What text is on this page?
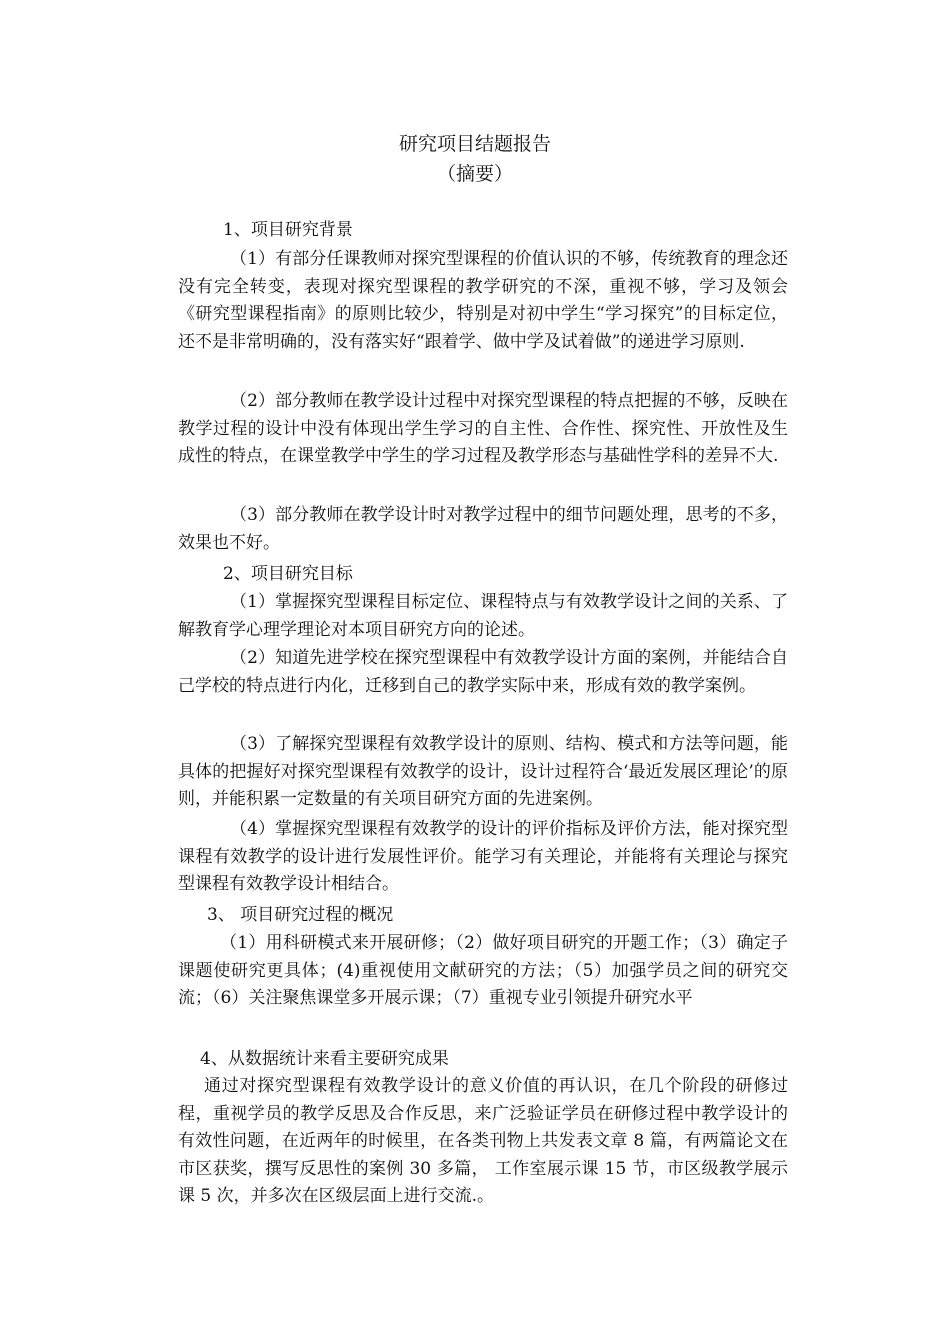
研究项目结题报告
（摘要）
1、项目研究背景

（1）有部分任课教师对探究型课程的价值认识的不够，传统教育的理念还没有完全转变，表现对探究型课程的教学研究的不深，重视不够，学习及领会《研究型课程指南》的原则比较少，特别是对初中学生“学习探究”的目标定位，还不是非常明确的，没有落实好“跟着学、做中学及试着做”的递进学习原则.

（2）部分教师在教学设计过程中对探究型课程的特点把握的不够，反映在教学过程的设计中没有体现出学生学习的自主性、合作性、探究性、开放性及生成性的特点，在课堂教学中学生的学习过程及教学形态与基础性学科的差异不大.

（3）部分教师在教学设计时对教学过程中的细节问题处理，思考的不多，效果也不好。

2、项目研究目标

（1）掌握探究型课程目标定位、课程特点与有效教学设计之间的关系、了解教育学心理学理论对本项目研究方向的论述。

（2）知道先进学校在探究型课程中有效教学设计方面的案例，并能结合自己学校的特点进行内化，迁移到自己的教学实际中来，形成有效的教学案例。

（3）了解探究型课程有效教学设计的原则、结构、模式和方法等问题，能具体的把握好对探究型课程有效教学的设计，设计过程符合‘最近发展区理论’的原则，并能积累一定数量的有关项目研究方面的先进案例。

（4）掌握探究型课程有效教学的设计的评价指标及评价方法，能对探究型课程有效教学的设计进行发展性评价。能学习有关理论，并能将有关理论与探究型课程有效教学设计相结合。

3、 项目研究过程的概况

（1）用科研模式来开展研修；（2）做好项目研究的开题工作；（3）确定子课题使研究更具体；(4)重视使用文献研究的方法；（5）加强学员之间的研究交流；（6）关注聚焦课堂多开展示课；（7）重视专业引领提升研究水平

4、从数据统计来看主要研究成果

通过对探究型课程有效教学设计的意义价值的再认识，在几个阶段的研修过程，重视学员的教学反思及合作反思，来广泛验证学员在研修过程中教学设计的有效性问题，在近两年的时候里，在各类刊物上共发表文章 8 篇，有两篇论文在市区获奖，撰写反思性的案例 30 多篇， 工作室展示课 15 节，市区级教学展示课 5 次，并多次在区级层面上进行交流.。
